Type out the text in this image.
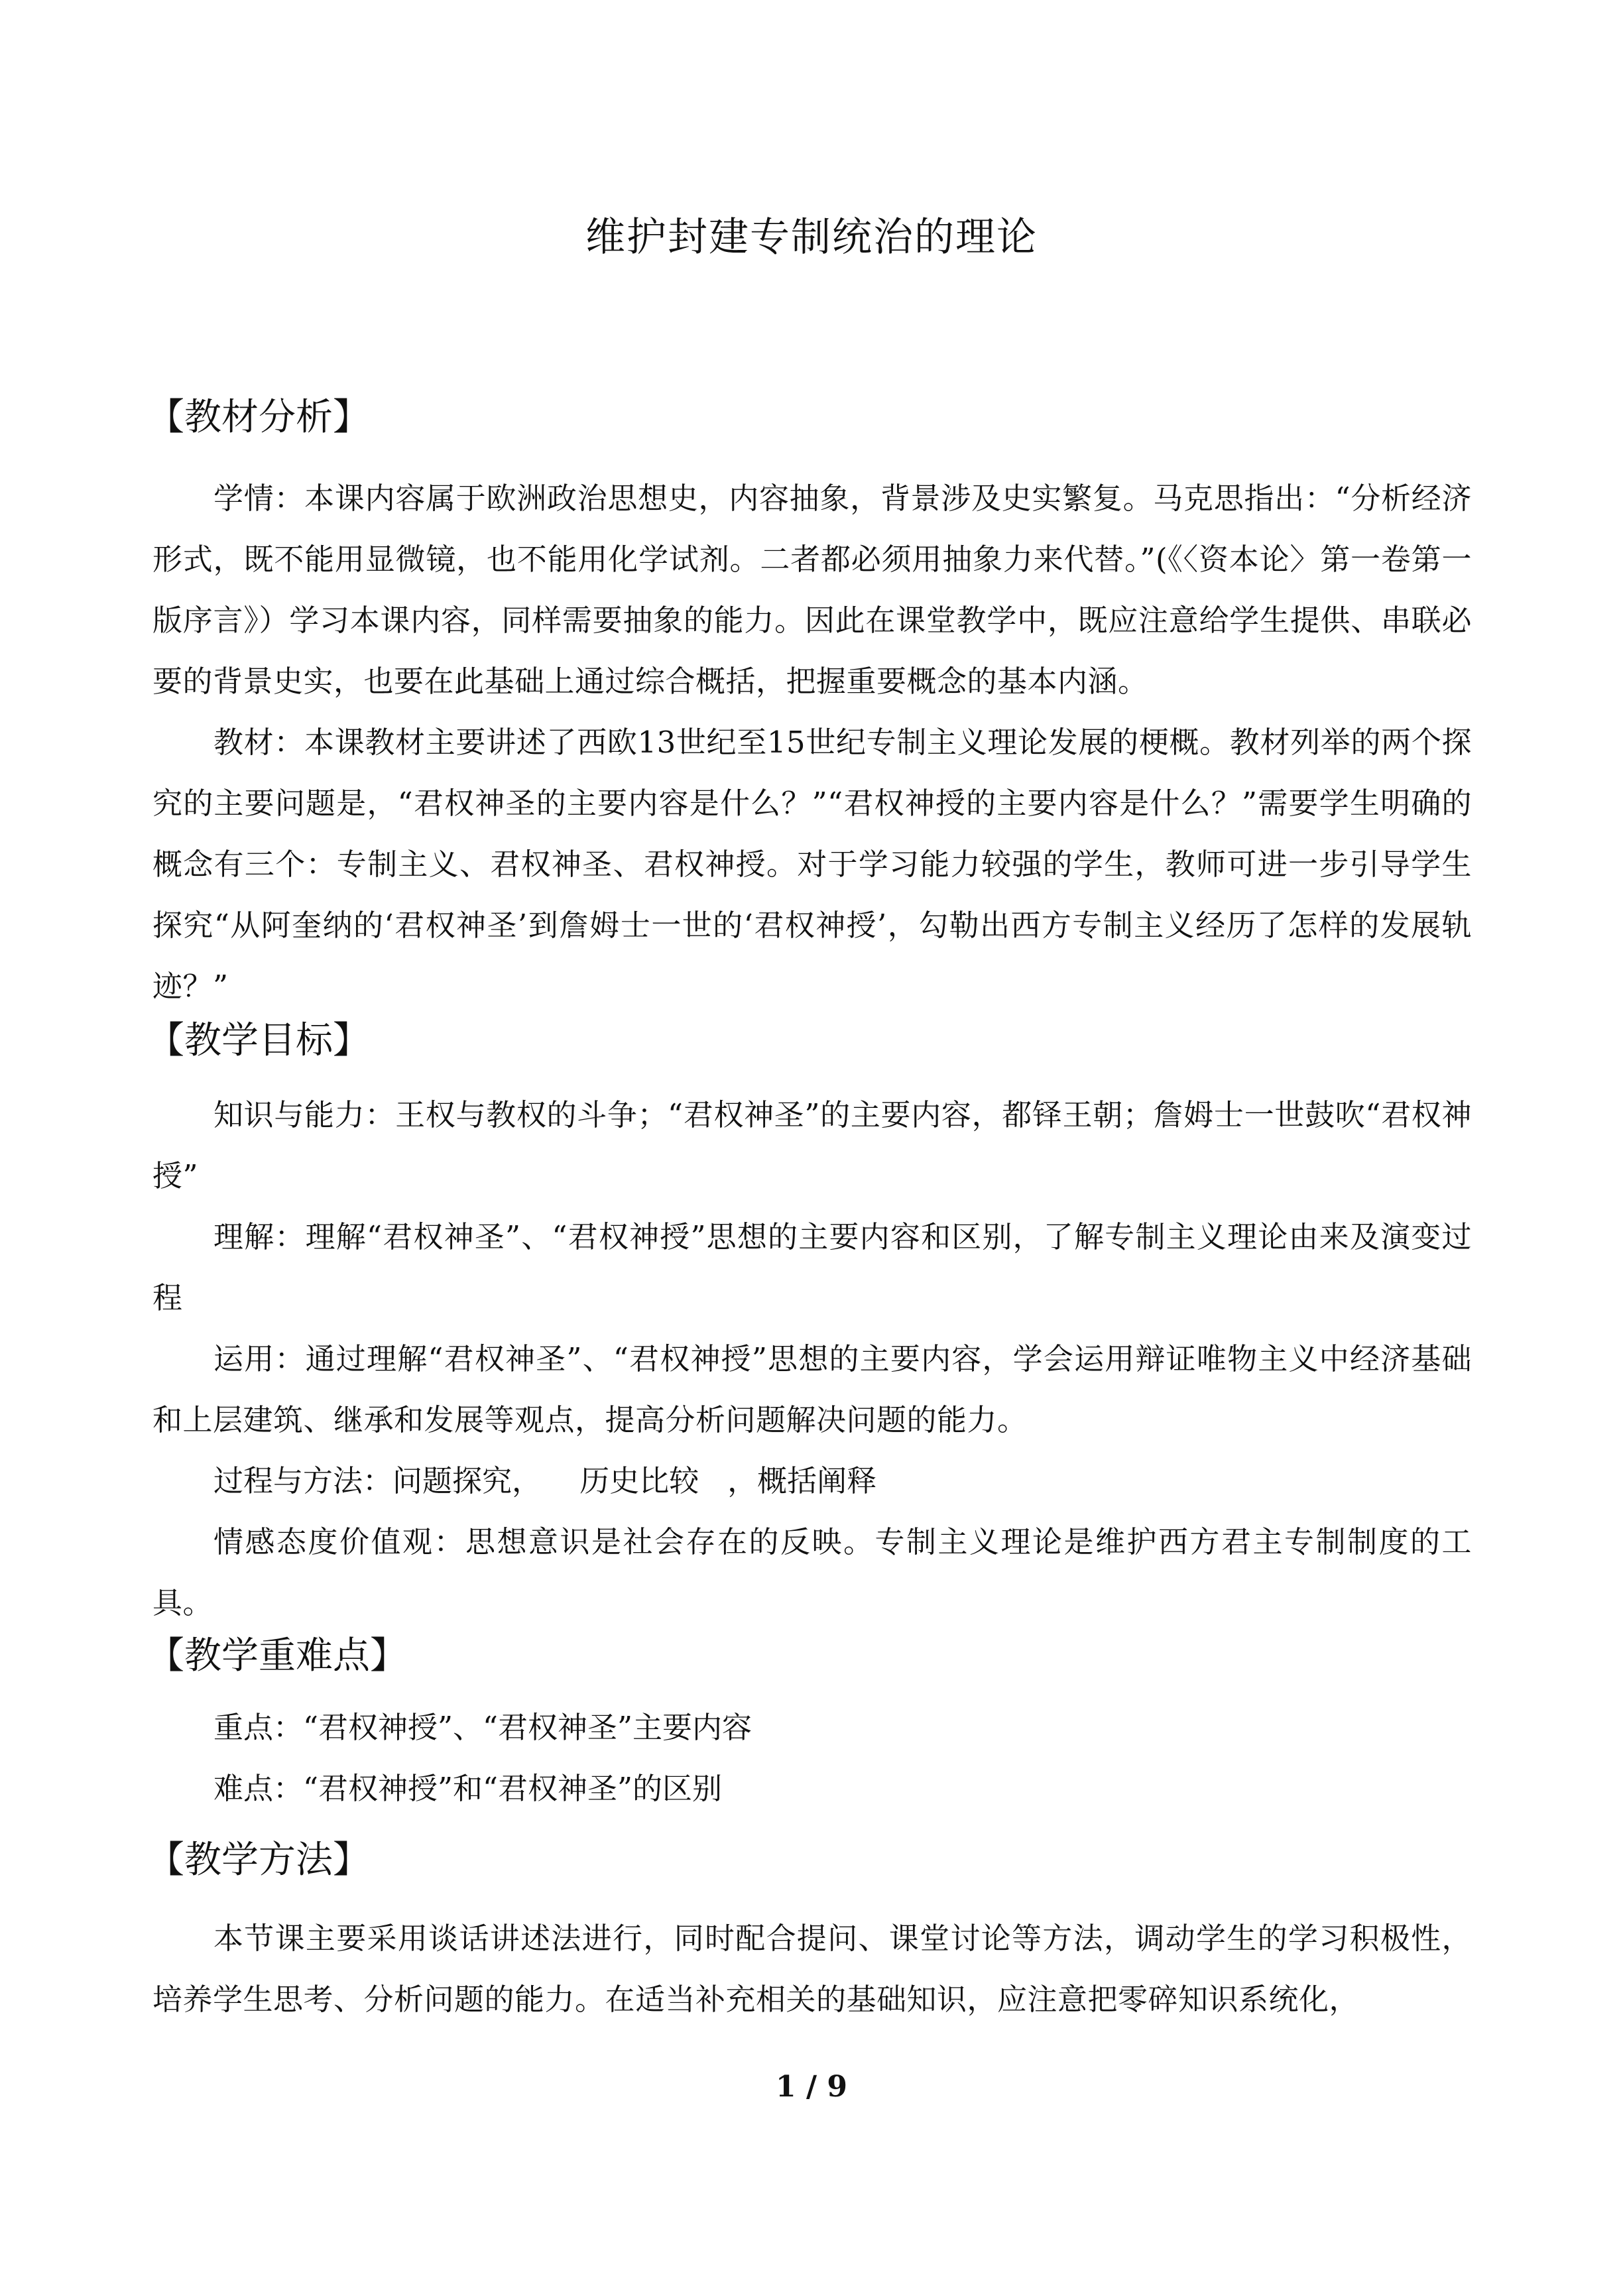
维护封建专制统治的理论
【教材分析】
学情：本课内容属于欧洲政治思想史，内容抽象，背景涉及史实繁复。马克思指出：“分析经济形式，既不能用显微镜，也不能用化学试剂。二者都必须用抽象力来代替。”(《〈资本论〉第一卷第一版序言》）学习本课内容，同样需要抽象的能力。因此在课堂教学中，既应注意给学生提供、串联必要的背景史实，也要在此基础上通过综合概括，把握重要概念的基本内涵。
教材：本课教材主要讲述了西欧13世纪至15世纪专制主义理论发展的梗概。教材列举的两个探究的主要问题是，“君权神圣的主要内容是什么？”“君权神授的主要内容是什么？”需要学生明确的概念有三个：专制主义、君权神圣、君权神授。对于学习能力较强的学生，教师可进一步引导学生探究“从阿奎纳的‘君权神圣’到詹姆士一世的‘君权神授’，勾勒出西方专制主义经历了怎样的发展轨迹？”
【教学目标】
知识与能力：王权与教权的斗争；“君权神圣”的主要内容，都铎王朝；詹姆士一世鼓吹“君权神授”
理解：理解“君权神圣”、“君权神授”思想的主要内容和区别，了解专制主义理论由来及演变过程
运用：通过理解“君权神圣”、“君权神授”思想的主要内容，学会运用辩证唯物主义中经济基础和上层建筑、继承和发展等观点，提高分析问题解决问题的能力。
过程与方法：问题探究，    历史比较   ，概括阐释
情感态度价值观：思想意识是社会存在的反映。专制主义理论是维护西方君主专制制度的工具。
【教学重难点】
重点：“君权神授”、“君权神圣”主要内容
难点：“君权神授”和“君权神圣”的区别
【教学方法】
本节课主要采用谈话讲述法进行，同时配合提问、课堂讨论等方法，调动学生的学习积极性，培养学生思考、分析问题的能力。在适当补充相关的基础知识，应注意把零碎知识系统化，
1 / 9
